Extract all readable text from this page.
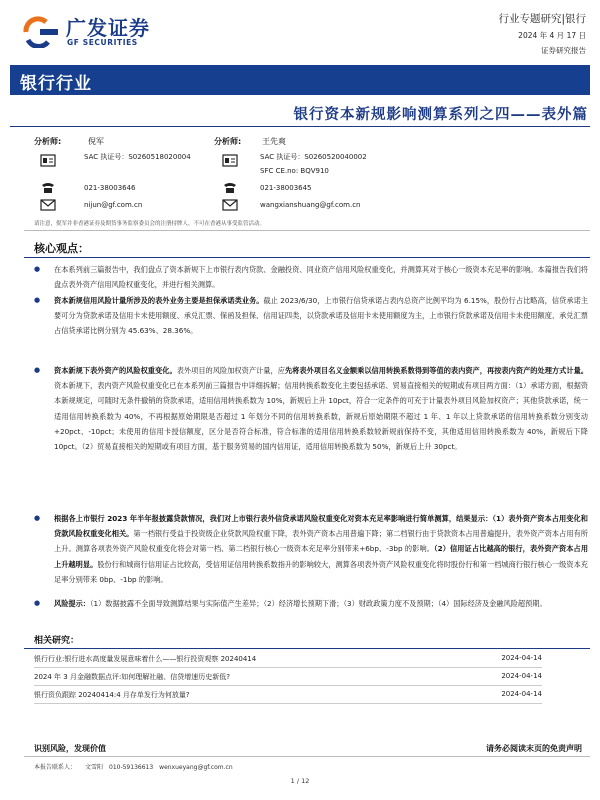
广发证券
GF SECURITIES
行业专题研究|银行
2024 年 4 月 17 日
证券研究报告
银行行业
银行资本新规影响测算系列之四——表外篇
分析师:	倪军
SAC 执证号：S0260518020004
021-38003646
nijun@gf.com.cn
分析师:	王先爽
SAC 执证号：S0260520040002
SFC CE.no: BQV910
021-38003645
wangxianshuang@gf.com.cn
请注意，倪军并非香港证券及期货事务监察委员会的注册持牌人，不可在香港从事受监管活动。
核心观点：
● 在本系列前三篇报告中，我们盘点了资本新规下上市银行表内贷款、金融投资、同业资产信用风险权重变化，并测算其对于核心一级资本充足率的影响。本篇报告我们将盘点表外资产信用风险权重变化，并进行相关测算。
● 资本新规信用风险计量所涉及的表外业务主要是担保承诺类业务。截止 2023/6/30，上市银行信贷承诺占表内总资产比例平均为 6.15%，股份行占比略高，信贷承诺主要可分为贷款承诺及信用卡未使用额度、承兑汇票、保函及担保、信用证四类，以贷款承诺及信用卡未使用额度为主，上市银行贷款承诺及信用卡未使用额度、承兑汇票占信贷承诺比例分别为 45.63%、28.36%。
● 资本新规下表外资产的风险权重变化。表外项目的风险加权资产计量，应先将表外项目名义金额乘以信用转换系数得到等值的表内资产，再按表内资产的处理方式计量。资本新规下，表内资产风险权重变化已在本系列前三篇报告中详细拆解；信用转换系数变化主要包括承诺、贸易直接相关的短期或有项目两方面：（1）承诺方面，根据资本新规规定，可随时无条件撤销的贷款承诺，适用信用转换系数为 10%，新规后上升 10pct，符合一定条件的可充于计量表外项目风险加权资产；其他贷款承诺，统一适用信用转换系数为 40%，不再根据原始期限是否超过 1 年划分不同的信用转换系数，新规后原始期限不超过 1 年、1 年以上贷款承诺的信用转换系数分别变动+20pct、-10pct；未使用的信用卡授信额度，区分是否符合标准，符合标准的适用信用转换系数较新规前保持不变，其他适用信用转换系数为 40%，新规后下降 10pct。（2）贸易直接相关的短期或有项目方面，基于服务贸易的国内信用证，适用信用转换系数为 50%，新规后上升 30pct。
● 根据各上市银行 2023 年半年报披露贷款情况，我们对上市银行表外信贷承诺风险权重变化对资本充足率影响进行简单测算，结果显示：（1）表外资产资本占用变化和贷款风险权重变化相关。第一档银行受益于投资级企业贷款风险权重下降，表外资产资本占用普遍下降；第二档银行由于贷款资本占用普遍提升，表外资产资本占用有所上升。测算各项表外资产风险权重变化将会对第一档、第二档银行核心一级资本充足率分别带来+6bp、-3bp 的影响。（2）信用证占比越高的银行，表外资产资本占用上升越明显。股份行和城商行信用证占比较高，受信用证信用转换系数指升的影响较大，测算各项表外资产风险权重变化将时股份行和第一档城商行银行核心一级资本充足率分别带来 0bp、-1bp 的影响。
● 风险提示：（1）数据披露不全面导致测算结果与实际值产生差异；（2）经济增长预期下滑；（3）财政政策力度不及预期；（4）国际经济及金融风险超预期。
相关研究：
银行行业:银行进水高度量发展意味着什么——银行投资观察 20240414	2024-04-14
2024 年 3 月金融数据点评:如何理解社融、信贷增速历史新低?	2024-04-14
银行资负跟踪 20240414:4 月存单发行为何放量?	2024-04-14
识别风险，发现价值	请务必阅读末页的免责声明
本报告联系人：　　文雪阳　010-59136613　wenxueyang@gf.com.cn
1 / 12
